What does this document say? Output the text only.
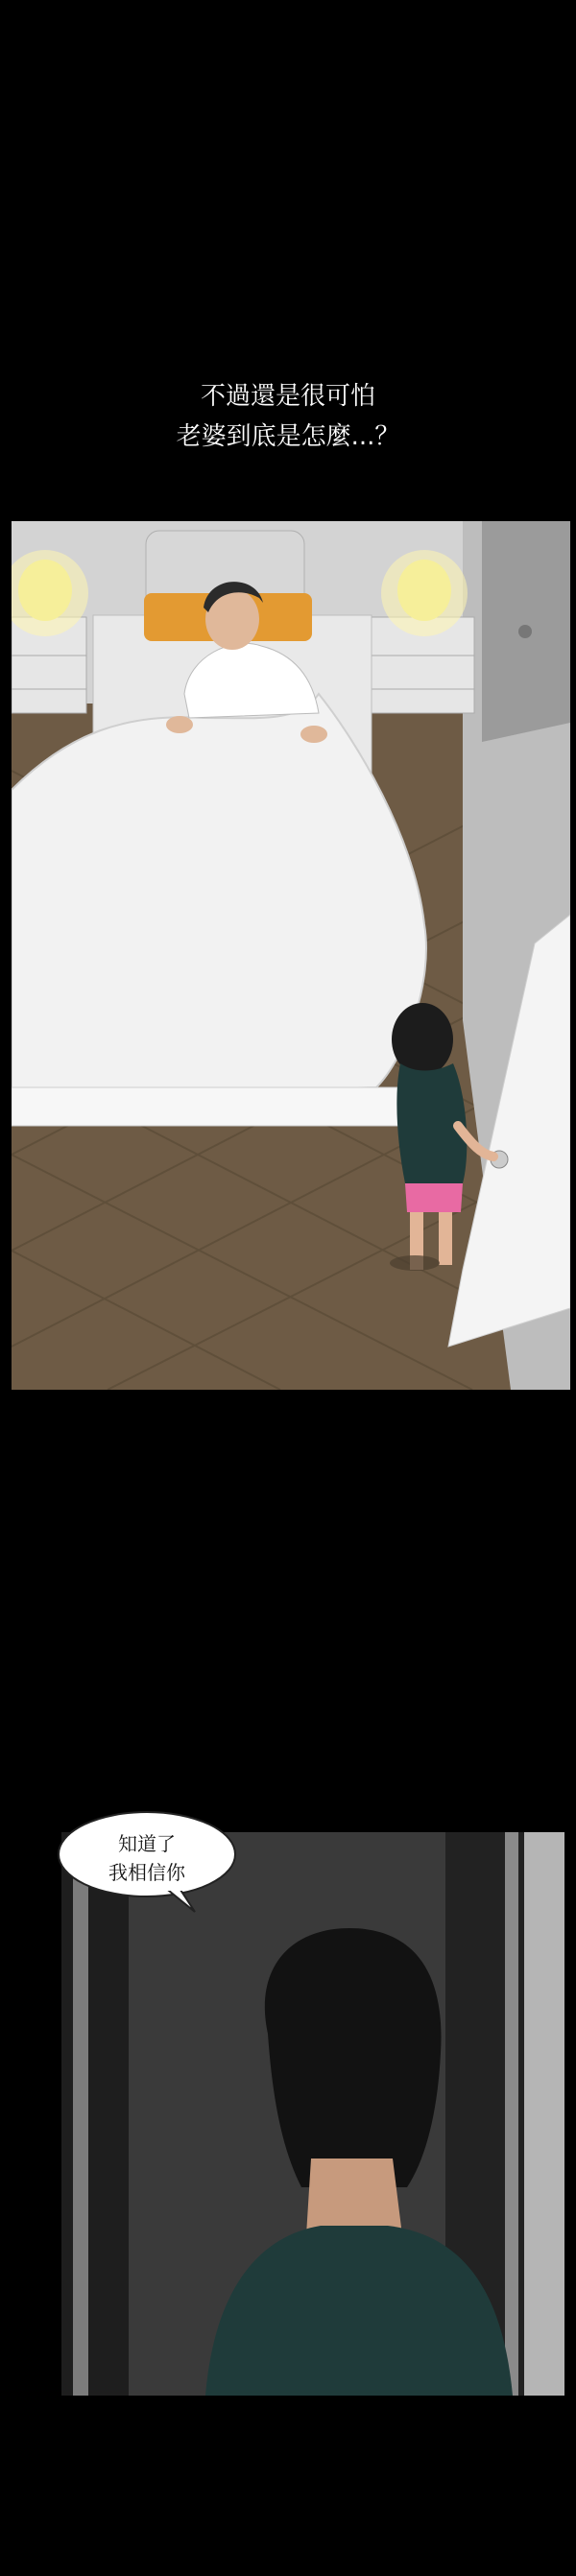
不過還是很可怕
老婆到底是怎麼...？
知道了
我相信你
